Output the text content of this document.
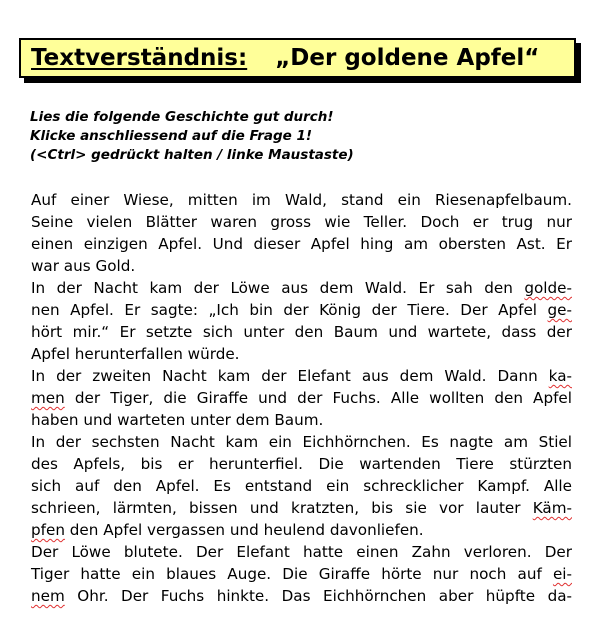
Textverständnis: „Der goldene Apfel“
Lies die folgende Geschichte gut durch!
Klicke anschliessend auf die Frage 1!
(<Ctrl> gedrückt halten / linke Maustaste)
Auf einer Wiese, mitten im Wald, stand ein Riesenapfelbaum.
Seine vielen Blätter waren gross wie Teller. Doch er trug nur
einen einzigen Apfel. Und dieser Apfel hing am obersten Ast. Er
war aus Gold.
In der Nacht kam der Löwe aus dem Wald. Er sah den golde-
nen Apfel. Er sagte: „Ich bin der König der Tiere. Der Apfel ge-
hört mir.“ Er setzte sich unter den Baum und wartete, dass der
Apfel herunterfallen würde.
In der zweiten Nacht kam der Elefant aus dem Wald. Dann ka-
men der Tiger, die Giraffe und der Fuchs. Alle wollten den Apfel
haben und warteten unter dem Baum.
In der sechsten Nacht kam ein Eichhörnchen. Es nagte am Stiel
des Apfels, bis er herunterfiel. Die wartenden Tiere stürzten
sich auf den Apfel. Es entstand ein schrecklicher Kampf. Alle
schrieen, lärmten, bissen und kratzten, bis sie vor lauter Käm-
pfen den Apfel vergassen und heulend davonliefen.
Der Löwe blutete. Der Elefant hatte einen Zahn verloren. Der
Tiger hatte ein blaues Auge. Die Giraffe hörte nur noch auf ei-
nem Ohr. Der Fuchs hinkte. Das Eichhörnchen aber hüpfte da-
